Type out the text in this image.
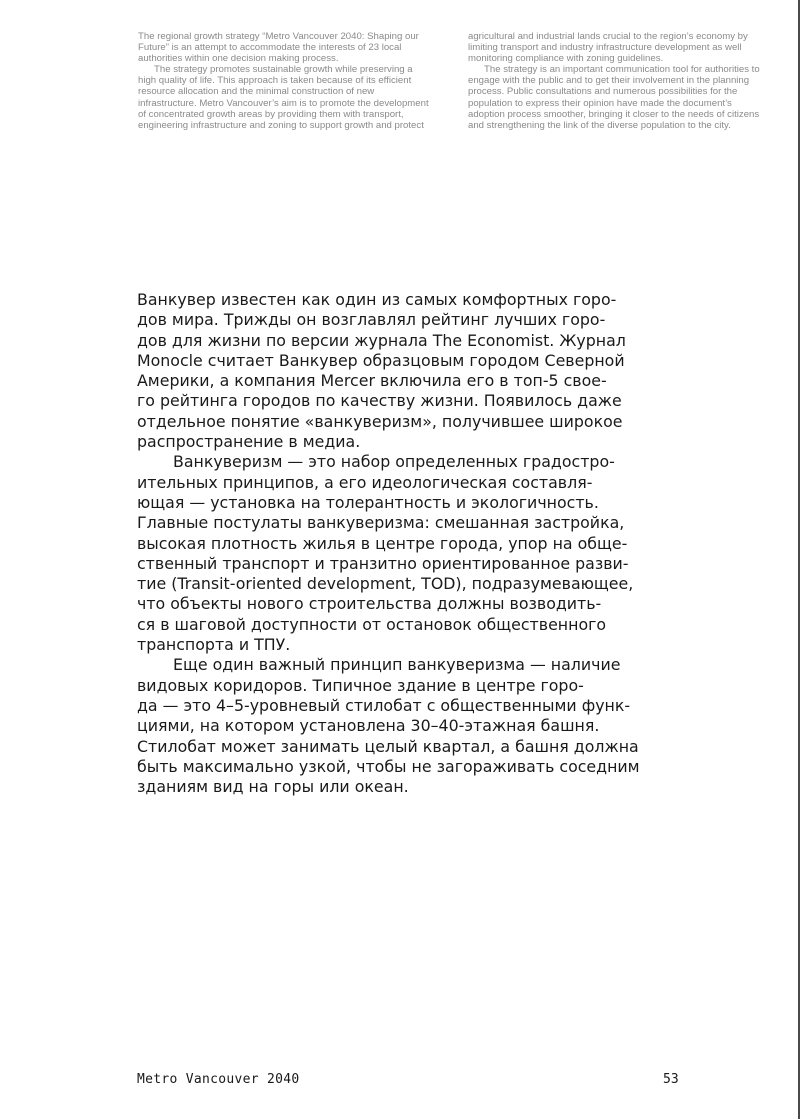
The regional growth strategy “Metro Vancouver 2040: Shaping our Future” is an attempt to accommodate the interests of 23 local authorities within one decision making process.

The strategy promotes sustainable growth while preserving a high quality of life. This approach is taken because of its efficient resource allocation and the minimal construction of new infrastructure. Metro Vancouver’s aim is to promote the development of concentrated growth areas by providing them with transport, engineering infrastructure and zoning to support growth and protect

agricultural and industrial lands crucial to the region’s economy by limiting transport and industry infrastructure development as well monitoring compliance with zoning guidelines.

The strategy is an important communication tool for authorities to engage with the public and to get their involvement in the planning process. Public consultations and numerous possibilities for the population to express their opinion have made the document’s adoption process smoother, bringing it closer to the needs of citizens and strengthening the link of the diverse population to the city.

Ванкувер известен как один из самых комфортных горо-
дов мира. Трижды он возглавлял рейтинг лучших горо-
дов для жизни по версии журнала The Economist. Журнал
Monocle считает Ванкувер образцовым городом Северной
Америки, а компания Mercer включила его в топ-5 свое-
го рейтинга городов по качеству жизни. Появилось даже
отдельное понятие «ванкуверизм», получившее широкое
распространение в медиа.
Ванкуверизм — это набор определенных градостро-
ительных принципов, а его идеологическая составля-
ющая — установка на толерантность и экологичность.
Главные постулаты ванкуверизма: смешанная застройка,
высокая плотность жилья в центре города, упор на обще-
ственный транспорт и транзитно ориентированное разви-
тие (Transit-oriented development, TOD), подразумевающее,
что объекты нового строительства должны возводить-
ся в шаговой доступности от остановок общественного
транспорта и ТПУ.
Еще один важный принцип ванкуверизма — наличие
видовых коридоров. Типичное здание в центре горо-
да — это 4–5-уровневый стилобат с общественными функ-
циями, на котором установлена 30–40-этажная башня.
Стилобат может занимать целый квартал, а башня должна
быть максимально узкой, чтобы не загораживать соседним
зданиям вид на горы или океан.
Metro Vancouver 2040	53
